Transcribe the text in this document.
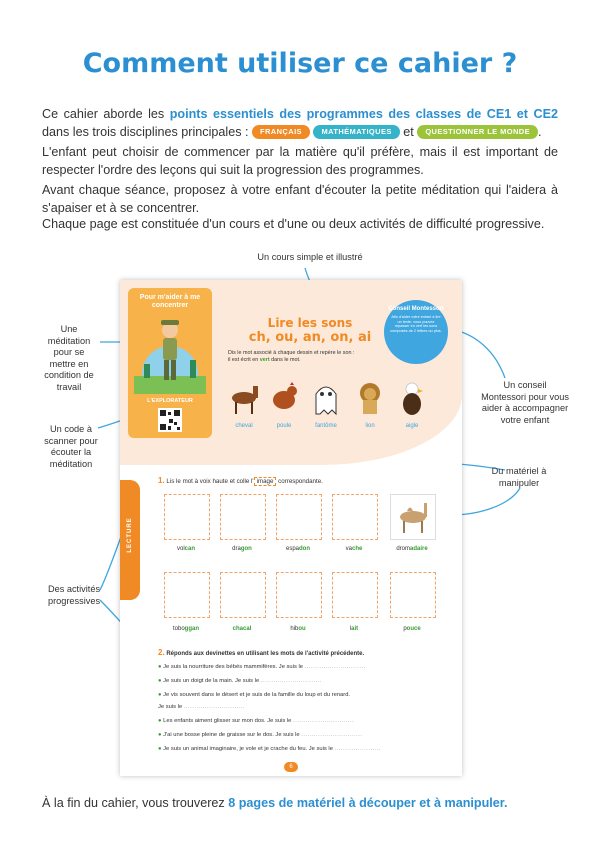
Comment utiliser ce cahier ?
Ce cahier aborde les points essentiels des programmes des classes de CE1 et CE2 dans les trois disciplines principales : FRANÇAIS	MATHÉMATIQUES et QUESTIONNER LE MONDE .
L'enfant peut choisir de commencer par la matière qu'il préfère, mais il est important de respecter l'ordre des leçons qui suit la progression des programmes.
Avant chaque séance, proposez à votre enfant d'écouter la petite méditation qui l'aidera à s'apaiser et à se concentrer.
Chaque page est constituée d'un cours et d'une ou deux activités de difficulté progressive.
Un cours simple et illustré
Une méditation pour se mettre en condition de travail
Un code à scanner pour écouter la méditation
Un conseil Montessori pour vous aider à accompagner votre enfant
Du matériel à manipuler
Des activités progressives
Pour m'aider à me concentrer
L'EXPLORATEUR
Lire les sons
ch, ou, an, on, ai
Dis le mot associé à chaque dessin et repère le son :
il est écrit en vert dans le mot.
Conseil Montessori
Afin d'aider votre enfant à lire un texte, vous pouvez repasser en vert les sons composés de 2 lettres ou plus.
cheval	poule	fantôme	lion	aigle
LECTURE
1. Lis le mot à voix haute et colle l' image correspondante.
volcan	dragon	espadon	vache	dromadaire
toboggan	chacal	hibou	lait	pouce
2. Réponds aux devinettes en utilisant les mots de l'activité précédente.
● Je suis la nourriture des bébés mammifères. Je suis le .............................
● Je suis un doigt de la main. Je suis le .............................
● Je vis souvent dans le désert et je suis de la famille du loup et du renard.
Je suis le .............................
● Les enfants aiment glisser sur mon dos. Je suis le .............................
● J'ai une bosse pleine de graisse sur le dos. Je suis le .............................
● Je suis un animal imaginaire, je vole et je crache du feu. Je suis le ......................
6
À la fin du cahier, vous trouverez 8 pages de matériel à découper et à manipuler.
